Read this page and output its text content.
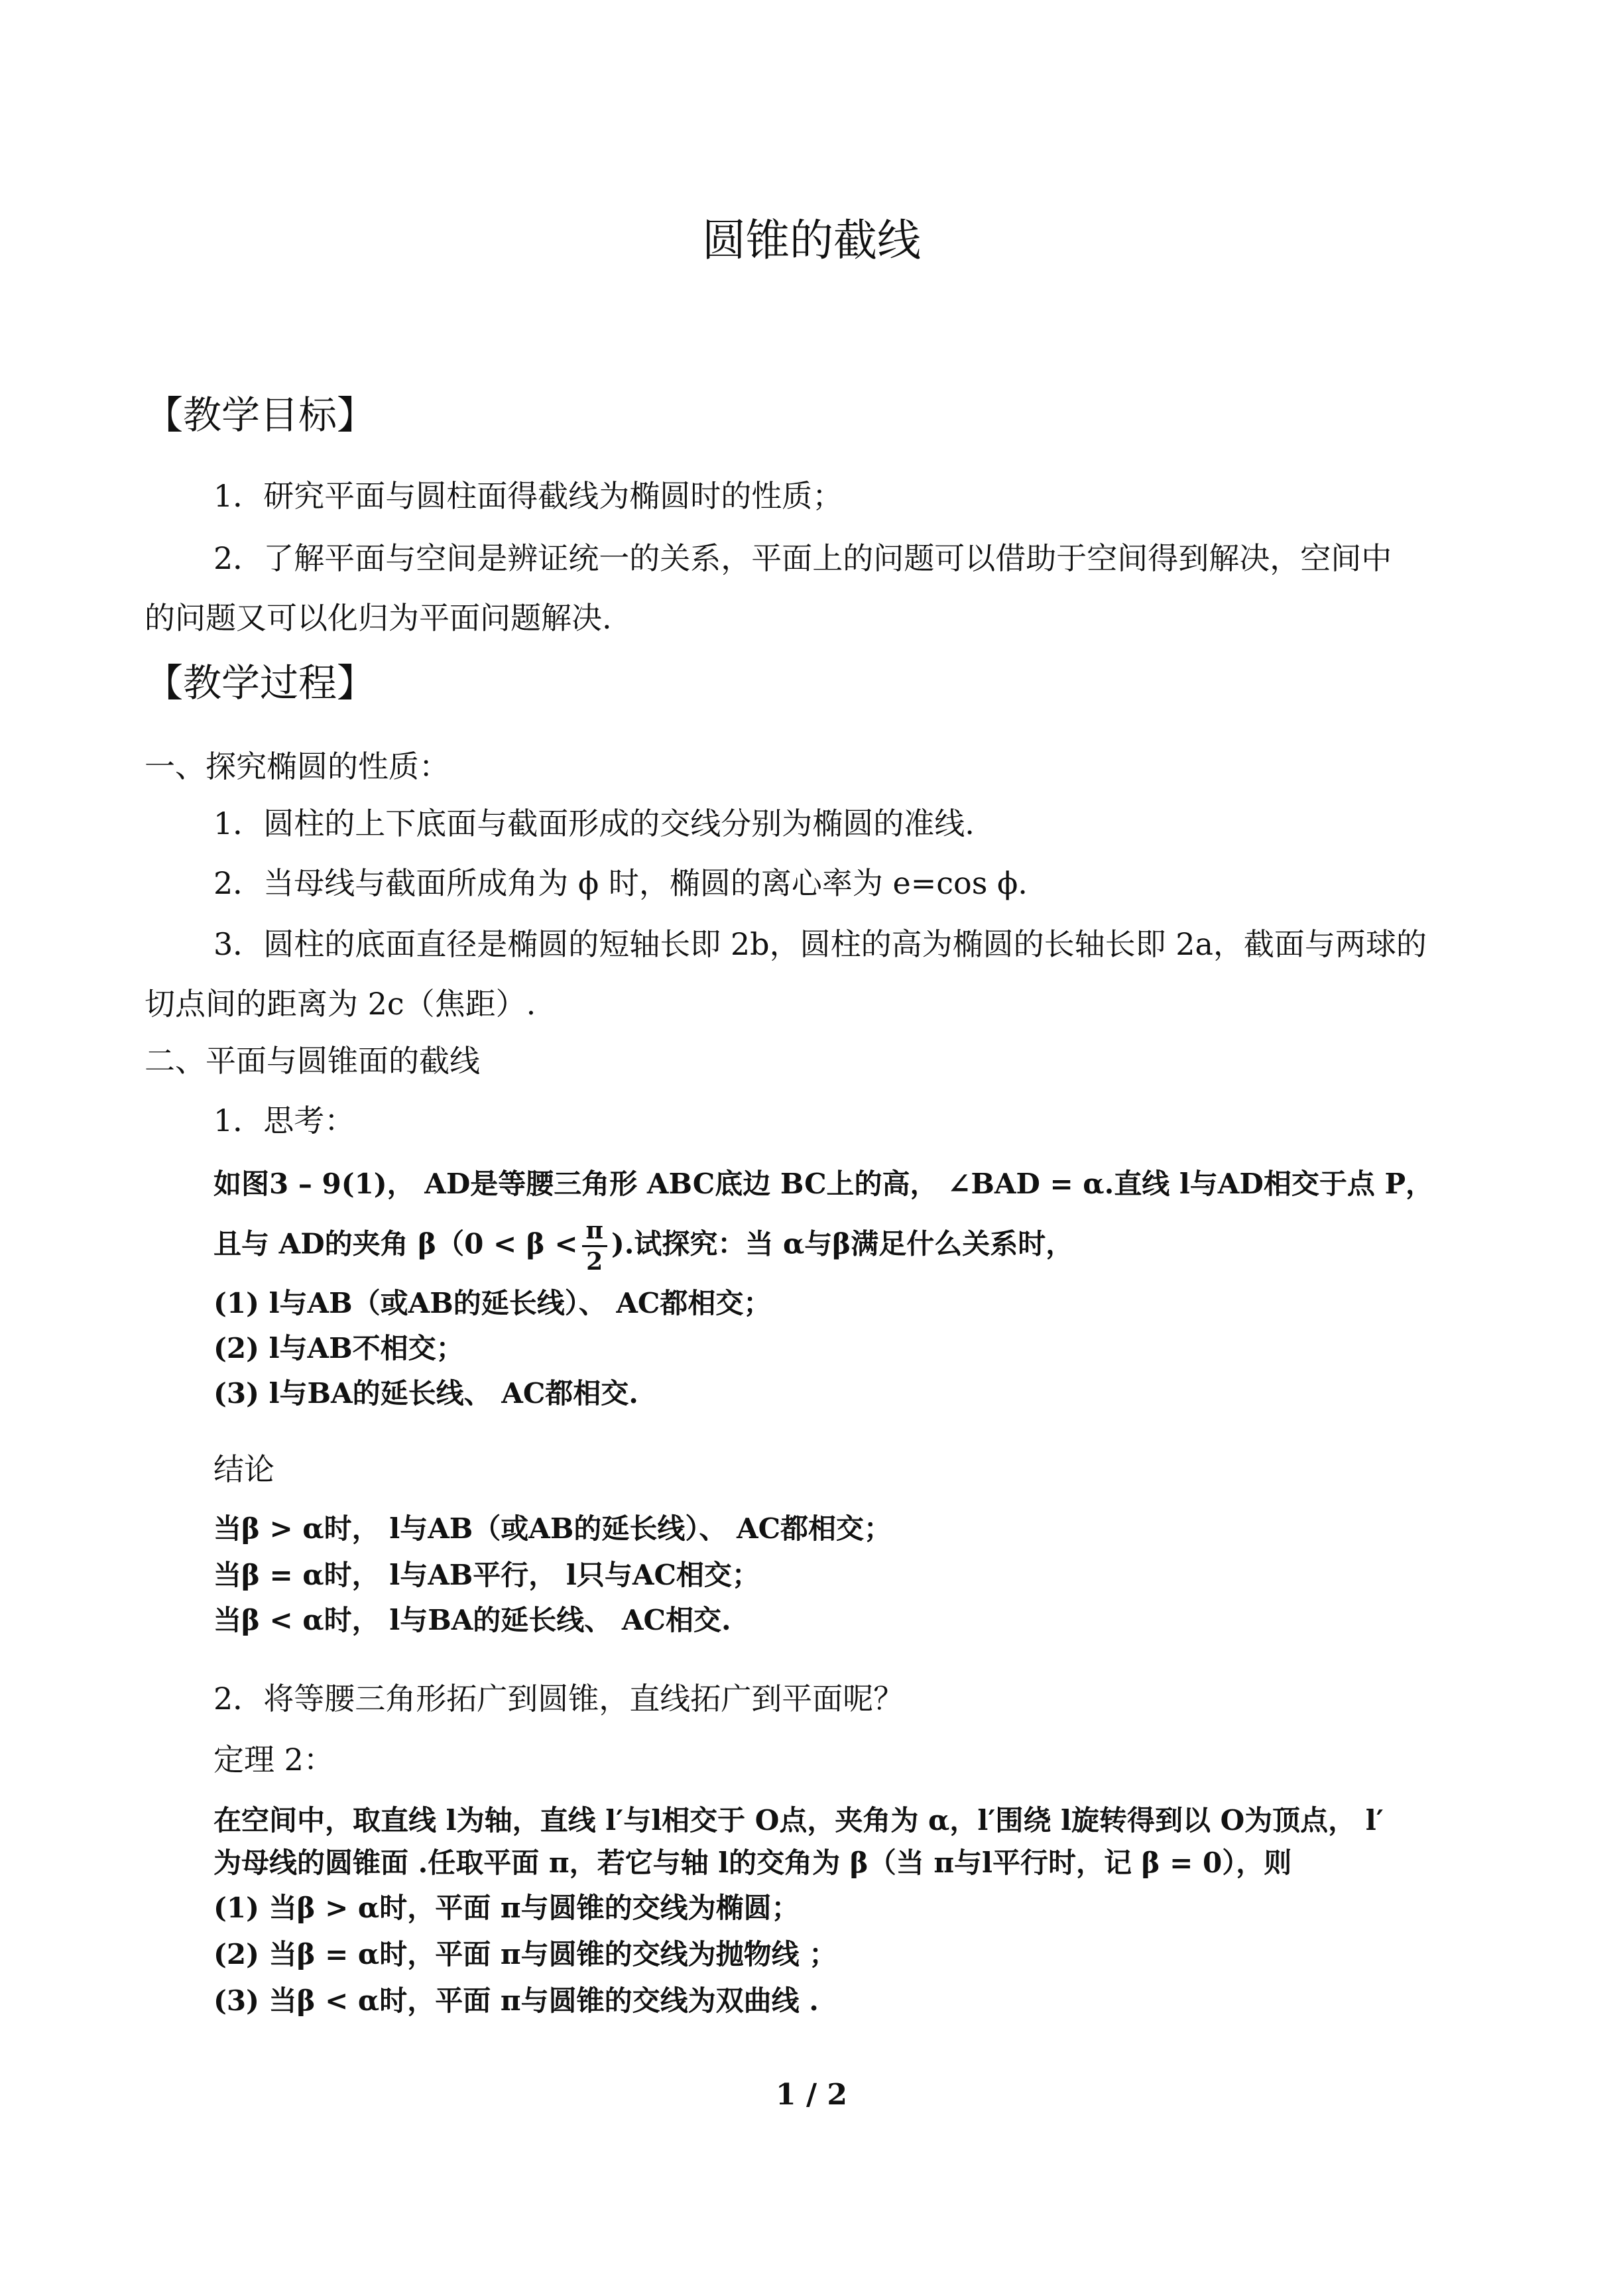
圆锥的截线
【教学目标】
1．研究平面与圆柱面得截线为椭圆时的性质；
2．了解平面与空间是辨证统一的关系，平面上的问题可以借助于空间得到解决，空间中
的问题又可以化归为平面问题解决.
【教学过程】
一、探究椭圆的性质：
1．圆柱的上下底面与截面形成的交线分别为椭圆的准线.
2．当母线与截面所成角为 ϕ 时，椭圆的离心率为 e=cos ϕ.
3．圆柱的底面直径是椭圆的短轴长即 2b，圆柱的高为椭圆的长轴长即 2a，截面与两球的
切点间的距离为 2c（焦距）.
二、平面与圆锥面的截线
1．思考：
如图3 – 9(1)， AD是等腰三角形 ABC底边 BC上的高， ∠BAD = α.直线 l与AD相交于点 P，
且与 AD的夹角 $\beta(0 < \beta < \frac{\pi}{2}$ ).试探究：当 α与β满足什么关系时，
(1) l与AB（或AB的延长线）、 AC都相交；
(2) l与AB不相交；
(3) l与BA的延长线、 AC都相交.
结论
当β > α时， l与AB（或AB的延长线）、 AC都相交；
当β = α时， l与AB平行， l只与AC相交；
当β < α时， l与BA的延长线、 AC相交.
2．将等腰三角形拓广到圆锥，直线拓广到平面呢？
定理 2：
在空间中，取直线 l为轴，直线 l′与l相交于 O点，夹角为 α，l′围绕 l旋转得到以 O为顶点， l′
为母线的圆锥面 .任取平面 π，若它与轴 l的交角为 β（当 π与l平行时，记 β = 0），则
(1) 当β > α时，平面 π与圆锥的交线为椭圆；
(2) 当β = α时，平面 π与圆锥的交线为抛物线 ；
(3) 当β < α时，平面 π与圆锥的交线为双曲线 .
1 / 2
